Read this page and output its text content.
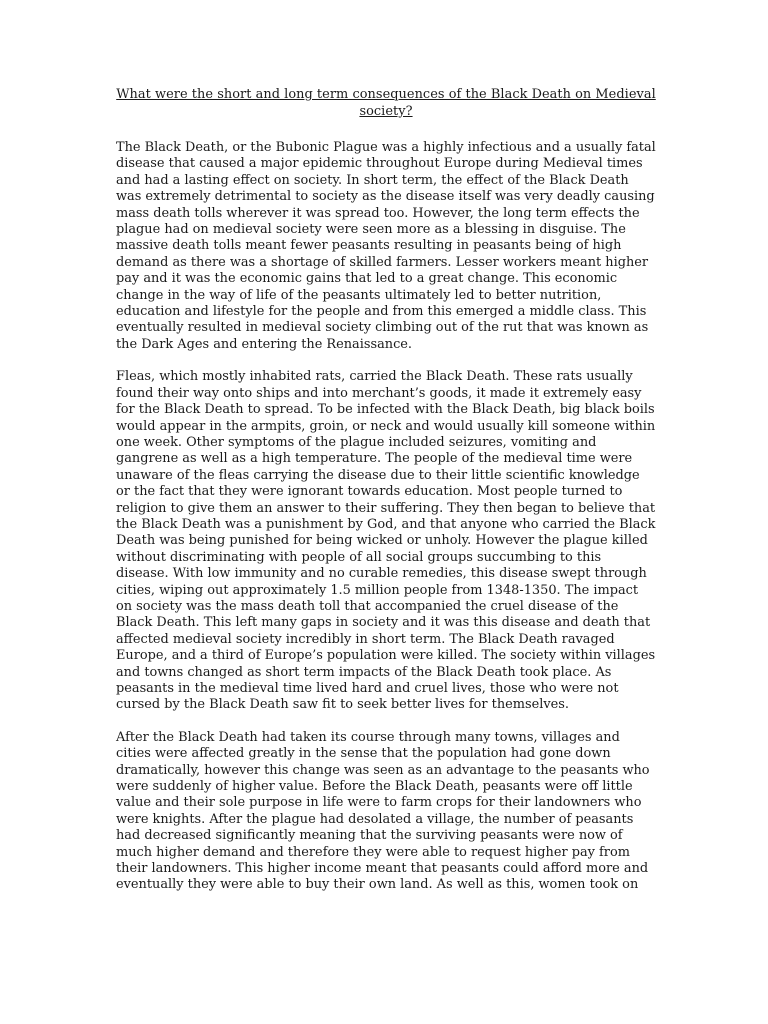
What were the short and long term consequences of the Black Death on Medieval society?

The Black Death, or the Bubonic Plague was a highly infectious and a usually fatal disease that caused a major epidemic throughout Europe during Medieval times and had a lasting effect on society. In short term, the effect of the Black Death was extremely detrimental to society as the disease itself was very deadly causing mass death tolls wherever it was spread too. However, the long term effects the plague had on medieval society were seen more as a blessing in disguise. The massive death tolls meant fewer peasants resulting in peasants being of high demand as there was a shortage of skilled farmers. Lesser workers meant higher pay and it was the economic gains that led to a great change. This economic change in the way of life of the peasants ultimately led to better nutrition, education and lifestyle for the people and from this emerged a middle class. This eventually resulted in medieval society climbing out of the rut that was known as the Dark Ages and entering the Renaissance.

Fleas, which mostly inhabited rats, carried the Black Death. These rats usually found their way onto ships and into merchant’s goods, it made it extremely easy for the Black Death to spread. To be infected with the Black Death, big black boils would appear in the armpits, groin, or neck and would usually kill someone within one week. Other symptoms of the plague included seizures, vomiting and gangrene as well as a high temperature. The people of the medieval time were unaware of the fleas carrying the disease due to their little scientific knowledge or the fact that they were ignorant towards education. Most people turned to religion to give them an answer to their suffering. They then began to believe that the Black Death was a punishment by God, and that anyone who carried the Black Death was being punished for being wicked or unholy. However the plague killed without discriminating with people of all social groups succumbing to this disease. With low immunity and no curable remedies, this disease swept through cities, wiping out approximately 1.5 million people from 1348-1350. The impact on society was the mass death toll that accompanied the cruel disease of the Black Death. This left many gaps in society and it was this disease and death that affected medieval society incredibly in short term. The Black Death ravaged Europe, and a third of Europe’s population were killed. The society within villages and towns changed as short term impacts of the Black Death took place. As peasants in the medieval time lived hard and cruel lives, those who were not cursed by the Black Death saw fit to seek better lives for themselves.

After the Black Death had taken its course through many towns, villages and cities were affected greatly in the sense that the population had gone down dramatically, however this change was seen as an advantage to the peasants who were suddenly of higher value. Before the Black Death, peasants were off little value and their sole purpose in life were to farm crops for their landowners who were knights. After the plague had desolated a village, the number of peasants had decreased significantly meaning that the surviving peasants were now of much higher demand and therefore they were able to request higher pay from their landowners. This higher income meant that peasants could afford more and eventually they were able to buy their own land. As well as this, women took on
